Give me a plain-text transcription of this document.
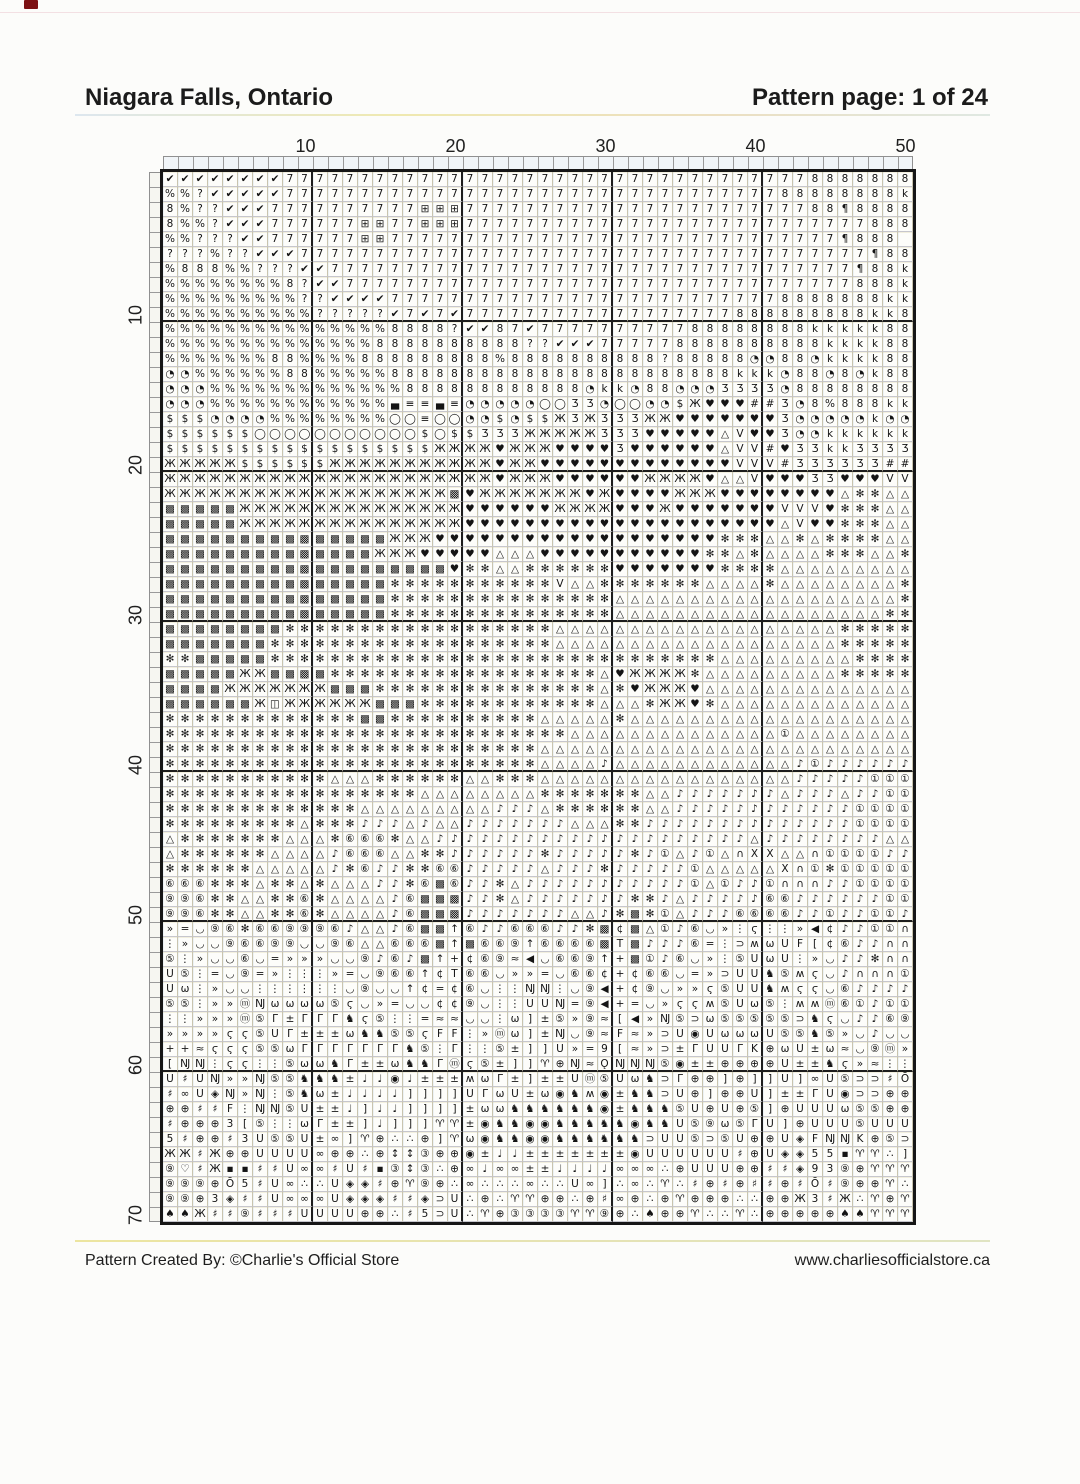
Niagara Falls, Ontario	Pattern page: 1 of 24
10	20	30	40	50
10
20
30
40
50
60
70
✔ ✔ ✔ ✔ ✔ ✔ ✔ ✔ 7 7 7 7 7 7 7 7 7 7 7 7 7 7 7 7 7 7 7 7 7 7 7 7 7 7 7 7 7 7 7 7 7 7 7 8 8 8 8 8 8 8
% % ? ✔ ✔ ✔ ✔ ✔ 7 7 7 7 7 7 7 7 7 7 7 7 7 7 7 7 7 7 7 7 7 7 7 7 7 7 7 7 7 7 7 7 7 8 8 8 8 8 8 8 8 k
8 % ? ? ✔ ✔ ✔ 7 7 7 7 7 7 7 7 7 7 ⊞ ⊞ ⊞ 7 7 7 7 7 7 7 7 7 7 7 7 7 7 7 7 7 7 7 7 7 7 7 8 8 ¶ 8 8 8 8
8 % % ? ✔ ✔ ✔ 7 7 7 7 7 7 ⊞ ⊞ 7 7 ⊞ ⊞ ⊞ 7 7 7 7 7 7 7 7 7 7 7 7 7 7 7 7 7 7 7 7 7 7 7 7 7 7 7 8 8 8
% % ? ? ? ✔ ✔ 7 7 7 7 7 7 ⊞ ⊞ 7 7 7 7 7 7 7 7 7 7 7 7 7 7 7 7 7 7 7 7 7 7 7 7 7 7 7 7 7 7 ¶ 8 8 8
? ? ? % ? ? ✔ ✔ ✔ 7 7 7 7 7 7 7 7 7 7 7 7 7 7 7 7 7 7 7 7 7 7 7 7 7 7 7 7 7 7 7 7 7 7 7 7 7 7 ¶ 8 8
% 8 8 8 % % ? ? ? ✔ ✔ 7 7 7 7 7 7 7 7 7 7 7 7 7 7 7 7 7 7 7 7 7 7 7 7 7 7 7 7 7 7 7 7 7 7 7 ¶ 8 8 k
% % % % % % % % 8 ? ✔ ✔ 7 7 7 7 7 7 7 7 7 7 7 7 7 7 7 7 7 7 7 7 7 7 7 7 7 7 7 7 7 7 7 7 7 7 8 8 8 k
% % % % % % % % % ? ? ✔ ✔ ✔ ✔ 7 7 7 7 7 7 7 7 7 7 7 7 7 7 7 7 7 7 7 7 7 7 7 7 7 7 8 8 8 8 8 8 8 k k
% % % % % % % % % % ? ? ? ? ? ✔ 7 ✔ 7 ✔ 7 7 7 7 7 7 7 7 7 7 7 7 7 7 7 7 7 7 8 8 8 8 8 8 8 8 8 k k 8
% % % % % % % % % % % % % % % 8 8 8 8 ? ✔ ✔ 8 7 ✔ 7 7 7 7 7 7 7 7 7 7 8 8 8 8 8 8 8 8 k k k k k 8 8
% % % % % % % % % % % % % % 8 8 8 8 8 8 8 8 8 8 ? ? ✔ ✔ ✔ 7 7 7 7 7 8 8 8 8 8 8 8 8 8 8 k k k k 8 8
% % % % % % % 8 8 % % % % 8 8 8 8 8 8 8 8 8 % 8 8 8 8 8 8 8 8 8 8 ? 8 8 8 8 8 ◔ ◔ 8 8 ◔ k k k k 8 8
◔ ◔ % % % % % % 8 8 % % % % % 8 8 8 8 8 8 8 8 8 8 8 8 8 8 8 8 8 8 8 8 8 8 8 k k k ◔ 8 8 ◔ 8 ◔ k 8 8
◔ ◔ ◔ % % % % % % % % % % % % % 8 8 8 8 8 8 8 8 8 8 8 8 ◔ k k ◔ 8 8 ◔ ◔ ◔ Ʒ Ʒ Ʒ Ʒ ◔ 8 8 8 8 8 8 8 8
◔ ◔ ◔ % % % % % % % % % % % % ▄ ≡ ≡ ▄ ≡ ◔ ◔ ◔ ◔ ◔ ◯ ◯ Ʒ Ʒ ◔ ◯ ◯ ◔ ◔ $ Ж ♥ ♥ ♥ # # Ʒ ◔ 8 % 8 8 8 k k
$ $ $ ◔ ◔ ◔ ◔ % % % % % % % % ◯ ◯ ≡ ◯ ◯ ◔ ◔ $ ◔ $ $ Ж Ʒ Ж Ʒ Ʒ Ʒ Ж Ж ♥ ♥ ♥ ♥ ♥ ♥ ♥ Ʒ ◔ ◔ ◔ ◔ ◔ k ◔ ◔
$ $ $ $ $ $ ◯ ◯ ◯ ◯ ◯ ◯ ◯ ◯ ◯ ◯ ◯ $ ◯ $ $ Ʒ Ʒ Ʒ Ж Ж Ж Ж Ж Ʒ Ʒ Ʒ ♥ ♥ ♥ ♥ ♥ △ V ♥ ♥ Ʒ ◔ ◔ k k k k k k
$ $ $ $ $ $ $ $ $ $ $ $ $ $ $ $ $ $ Ж Ж Ж Ж ♥ Ж Ж Ж ♥ ♥ ♥ ♥ Ʒ ♥ ♥ ♥ ♥ ♥ ♥ △ V V # ♥ Ʒ Ʒ k k Ʒ Ʒ Ʒ Ʒ
Ж Ж Ж Ж Ж $ $ $ $ $ $ Ж Ж Ж Ж Ж Ж Ж Ж Ж Ж Ж ♥ Ж Ж ♥ ♥ ♥ ♥ ♥ ♥ ♥ ♥ ♥ ♥ ♥ ♥ ♥ V V V # Ʒ Ʒ Ʒ Ʒ Ʒ Ʒ # #
Ж Ж Ж Ж Ж Ж Ж Ж Ж Ж Ж Ж Ж Ж Ж Ж Ж Ж Ж Ж Ж Ж ♥ Ж Ж Ж ♥ ♥ ♥ ♥ ♥ ♥ Ж Ж Ж Ж ♥ △ △ V ♥ ♥ ♥ Ʒ Ʒ ♥ ♥ ♥ V V
Ж Ж Ж Ж Ж Ж Ж Ж Ж Ж Ж Ж Ж Ж Ж Ж Ж Ж Ж ▩ ♥ Ж Ж Ж Ж Ж Ж Ж ♥ Ж ♥ ♥ ♥ ♥ Ж Ж Ж ♥ ♥ ♥ ♥ ♥ ♥ ♥ ♥ △ ✻ ✻ △ △
▩ ▩ ▩ ▩ ▩ Ж Ж Ж Ж Ж Ж Ж Ж Ж Ж Ж Ж Ж Ж Ж ♥ ♥ ♥ ♥ ♥ ♥ Ж Ж Ж Ж ♥ ♥ ♥ Ж ♥ ♥ ♥ ♥ ♥ ♥ ♥ V V V ♥ ✻ ✻ ✻ △ △
▩ ▩ ▩ ▩ ▩ Ж Ж Ж Ж Ж Ж Ж Ж Ж Ж Ж Ж Ж Ж Ж ♥ ♥ ♥ ♥ ♥ ♥ ♥ ♥ ♥ ♥ ♥ ♥ ♥ ♥ ♥ ♥ ♥ ♥ ♥ ♥ ♥ △ V ♥ ♥ ✻ ✻ ✻ △ △
▩ ▩ ▩ ▩ ▩ ▩ ▩ ▩ ▩ ▩ ▩ ▩ ▩ ▩ ▩ Ж Ж Ж ♥ ♥ ♥ ♥ ♥ ♥ ♥ ♥ ♥ ♥ ♥ ♥ ♥ ♥ ♥ ♥ ♥ ♥ ♥ ✻ ✻ ✻ △ △ ✻ △ ✻ ✻ ✻ ✻ △ △
▩ ▩ ▩ ▩ ▩ ▩ ▩ ▩ ▩ ▩ ▩ ▩ ▩ ▩ Ж Ж Ж ♥ ♥ ♥ ♥ ♥ △ △ △ ♥ ♥ ♥ ♥ ♥ ♥ ♥ ♥ ♥ ♥ ♥ ✻ ✻ △ ✻ △ △ △ △ ✻ ✻ ✻ △ △ ✻
▩ ▩ ▩ ▩ ▩ ▩ ▩ ▩ ▩ ▩ ▩ ▩ ▩ ▩ ▩ ▩ ▩ ▩ ▩ ♥ ✻ ✻ △ △ ✻ ✻ ✻ ✻ ✻ ✻ ♥ ♥ ♥ ♥ ♥ ♥ ♥ ✻ ✻ ✻ ✻ △ △ △ △ △ △ △ △ △
▩ ▩ ▩ ▩ ▩ ▩ ▩ ▩ ▩ ▩ ▩ ▩ ▩ ▩ ▩ ✻ ✻ ✻ ✻ ✻ ✻ ✻ ✻ ✻ ✻ ✻ V △ △ ✻ ✻ ✻ ✻ ✻ ✻ ✻ △ △ △ △ ✻ △ △ △ △ △ △ △ △ ✻
▩ ▩ ▩ ▩ ▩ ▩ ▩ ▩ ▩ ▩ ▩ ▩ ▩ ▩ ▩ ✻ ✻ ✻ ✻ ✻ ✻ ✻ ✻ ✻ ✻ ✻ ✻ ✻ ✻ ✻ △ △ △ △ △ △ △ △ △ △ △ △ △ △ △ △ △ △ △ ✻
▩ ▩ ▩ ▩ ▩ ▩ ▩ ▩ ▩ ▩ ▩ ▩ ▩ ▩ ▩ ✻ ✻ ✻ ✻ ✻ ✻ ✻ ✻ ✻ ✻ ✻ ✻ ✻ ✻ ✻ △ △ △ △ △ △ △ △ △ △ △ △ △ △ △ △ △ △ ✻ ✻
▩ ▩ ▩ ▩ ▩ ▩ ▩ ▩ ✻ ✻ ✻ ✻ ✻ ✻ ✻ ✻ ✻ ✻ ✻ ✻ ✻ ✻ ✻ ✻ ✻ ✻ △ △ △ △ △ △ △ △ △ △ △ △ △ △ △ △ △ △ △ ✻ ✻ ✻ ✻ ✻
▩ ▩ ▩ ▩ ▩ ▩ ▩ ✻ ✻ ✻ ✻ ✻ ✻ ✻ ✻ ✻ ✻ ✻ ✻ ✻ ✻ ✻ ✻ ✻ ✻ ✻ △ △ △ △ △ △ △ △ △ △ △ △ △ △ △ △ △ △ △ ✻ ✻ ✻ ✻ ✻
✻ ✻ ▩ ▩ ▩ ▩ ▩ ✻ ✻ ✻ ✻ ✻ ✻ ✻ ✻ ✻ ✻ ✻ ✻ ✻ ✻ ✻ ✻ ✻ ✻ ✻ ✻ ✻ ✻ ✻ ✻ ✻ ✻ ✻ ✻ ✻ ✻ △ △ △ △ △ △ △ △ △ ✻ ✻ ✻ ✻
▩ ▩ ▩ ▩ ▩ Ж Ж ▩ ▩ ▩ ▩ ✻ ✻ ✻ ✻ ✻ ✻ ✻ ✻ ✻ ✻ ✻ ✻ ✻ ✻ ✻ ✻ ✻ ✻ △ ♥ Ж Ж Ж Ж ✻ △ △ △ △ △ △ △ △ △ ✻ ✻ ✻ ✻ ✻
▩ ▩ ▩ ▩ Ж Ж Ж Ж Ж Ж Ж ▩ ▩ ▩ ✻ ✻ ✻ ✻ ✻ ✻ ✻ ✻ ✻ ✻ ✻ ✻ ✻ ✻ ✻ △ ✻ ♥ Ж Ж Ж ♥ △ △ △ △ △ △ △ △ △ △ △ △ △ △
▩ ▩ ▩ ▩ ▩ ▩ Ж ◫ Ж Ж Ж Ж Ж Ж ▩ ▩ ▩ ✻ ✻ ✻ ✻ ✻ ✻ ✻ ✻ ✻ ✻ ✻ ✻ △ △ △ ✻ Ж Ж ♥ ✻ △ △ △ △ △ △ △ △ △ △ △ △ △
✻ ✻ ✻ ✻ ✻ ✻ ✻ ✻ ✻ ✻ ✻ ✻ ✻ ▩ ▩ ✻ ✻ ✻ ✻ ✻ ✻ ✻ ✻ ✻ ✻ △ △ △ △ △ ✻ △ △ △ △ △ △ △ △ △ △ △ △ △ △ △ △ △ △ △
✻ ✻ ✻ ✻ ✻ ✻ ✻ ✻ ✻ ✻ ✻ ✻ ✻ ✻ ✻ ✻ ✻ ✻ ✻ ✻ ✻ ✻ ✻ ✻ ✻ ✻ ✻ △ △ △ △ △ △ △ △ △ △ △ △ △ △ ① △ △ △ △ △ △ △ △
✻ ✻ ✻ ✻ ✻ ✻ ✻ ✻ ✻ ✻ ✻ ✻ ✻ ✻ ✻ ✻ ✻ ✻ ✻ ✻ ✻ ✻ ✻ ✻ ✻ △ △ △ △ △ △ △ △ △ △ △ △ △ △ △ △ △ △ △ △ △ △ △ △ △
✻ ✻ ✻ ✻ ✻ ✻ ✻ ✻ ✻ ✻ ✻ ✻ ✻ ✻ ✻ ✻ ✻ ✻ ✻ ✻ ✻ ✻ ✻ ✻ ✻ △ △ △ △ ♪ △ △ △ △ △ △ △ △ △ △ △ △ ♪ ① ♪ ♪ ♪ ♪ ♪ ♪
✻ ✻ ✻ ✻ ✻ ✻ ✻ ✻ ✻ ✻ ✻ △ △ △ ✻ ✻ ✻ ✻ ✻ ✻ △ △ ✻ ✻ ✻ △ △ △ △ △ △ △ △ △ △ △ △ △ △ △ △ △ ♪ ♪ ♪ ♪ ♪ ① ① ①
✻ ✻ ✻ ✻ ✻ ✻ ✻ ✻ ✻ ✻ ✻ ✻ ✻ ✻ ✻ ✻ ✻ △ △ △ △ △ △ △ △ ✻ ✻ ✻ ✻ ✻ ✻ ✻ △ △ ♪ ♪ ♪ ♪ ♪ ♪ ♪ △ ♪ ♪ ♪ △ ♪ ♪ ① ①
✻ ✻ ✻ ✻ ✻ ✻ ✻ ✻ ✻ ✻ ✻ ✻ ✻ △ △ △ △ △ △ △ △ △ ♪ ♪ ♪ △ ✻ ✻ ✻ ✻ ✻ ✻ △ △ ♪ ♪ ♪ ♪ ♪ ♪ ♪ ♪ ♪ ♪ ♪ ♪ ① ① ① ①
✻ ✻ ✻ ✻ ✻ ✻ ✻ ✻ ✻ △ ✻ ✻ ✻ ♪ ♪ ♪ △ ♪ △ △ ♪ ♪ ♪ ♪ ♪ ♪ ♪ △ △ △ ✻ ✻ ♪ ♪ ♪ ♪ ♪ ♪ ♪ ♪ ♪ ♪ ♪ ♪ ♪ ♪ ① ① ① ①
△ ✻ ✻ ✻ ✻ ✻ ✻ ✻ △ △ △ ✻ ⑥ ⑥ ⑥ ✻ △ △ ♪ ♪ ♪ ♪ ♪ ♪ ♪ ♪ ♪ ♪ ♪ ♪ ♪ ♪ ♪ ♪ ♪ ♪ ♪ ♪ ♪ △ ♪ ♪ ♪ ♪ ♪ ♪ ♪ ♪ △ △
△ ✻ ✻ ✻ ✻ ✻ ✻ △ △ △ △ ♪ ⑥ ⑥ ⑥ △ △ ✻ ✻ ♪ ♪ ♪ ♪ ♪ ♪ ✻ ♪ ♪ ♪ ♪ ♪ ✻ ♪ ① △ ♪ ① △ ∩ X X △ △ ∩ ① ① ① ① ♪ ♪
✻ ✻ ✻ ✻ ✻ ✻ △ △ △ △ △ ♪ ✻ ⑥ ♪ ♪ ✻ ✻ ⑥ ⑥ ♪ ♪ ♪ ♪ ♪ △ ♪ ♪ ♪ ✻ ♪ ♪ ♪ ♪ ♪ ① △ △ △ △ △ X ∩ ① ✻ ① ① ① ① ①
⑥ ⑥ ⑥ ✻ ✻ ✻ △ ✻ ✻ △ ✻ △ △ △ ♪ ♪ ✻ ⑥ ▩ ⑥ ♪ ♪ ✻ △ ♪ ♪ ♪ ♪ ♪ ♪ ♪ ♪ ♪ ♪ ♪ ① △ ① ♪ ♪ ① ∩ ∩ ∩ ♪ ♪ ① ① ① ①
⑨ ⑨ ⑥ ✻ ✻ △ △ ✻ ✻ ⑥ ✻ △ △ △ △ ♪ ⑥ ▩ ▩ ▩ ♪ ♪ ✻ △ ♪ ♪ ♪ ♪ ♪ ♪ ♪ ✻ ✻ ♪ △ ♪ ♪ ♪ ♪ ♪ ⑥ ⑥ ♪ ♪ ♪ ♪ ♪ ♪ ① ①
⑨ ⑨ ⑥ ✻ ✻ △ △ ✻ ✻ ⑥ ✻ △ △ △ △ ♪ ⑥ ▩ ▩ ▩ ♪ ♪ ♪ ♪ ♪ ♪ ♪ △ △ ♪ ✻ ▩ ✻ ① △ ♪ ♪ ♪ ⑥ ⑥ ⑥ ⑥ ♪ ♪ ① ♪ ♪ ① ① ♪
» = ◡ ⑨ ⑥ ✻ ⑥ ⑥ ⑨ ⑨ ⑨ ⑥ ♪ △ △ ♪ ⑥ ▩ ▩ ↑ ⑥ ♪ ♪ ⑥ ⑥ ⑥ ♪ ♪ ✻ ▩ ¢ ▩ △ ① ♪ ⑥ ◡ » ⋮ ϛ ⋮ ⋮ » ◀ ¢ ♪ ♪ ① ① ∩
⋮ » ◡ ◡ ⑨ ⑥ ⑥ ⑨ ⑨ ◡ ◡ ⑨ ⑥ △ △ ⑥ ⑥ ⑥ ▩ ↑ ▩ ⑥ ⑥ ⑨ ↑ ⑥ ⑥ ⑥ ⑥ ▩ T ▩ ♪ ♪ ♪ ⑥ = ⋮ ⊃ ʍ ω U F [ ¢ ⑥ ♪ ♪ ∩ ∩
⑤ ⋮ » ◡ ◡ ⑥ ◡ = » » » ◡ ◡ ⑨ ♪ ⑥ ♪ ▩ ↑ + ¢ ⑥ ⑨ ≈ ◀ ◡ ⑥ ⑥ ⑨ ↑ + ▩ ① ♪ ⑥ ◡ » ⋮ ⑤ U ω U ⋮ » ◡ ♪ ♪ ✻ ∩ ∩
U ⑤ ⋮ = ◡ ⑨ = » ⋮ ⋮ ⋮ » = ◡ ⑨ ⑥ ⑥ ↑ ¢ T ⑥ ⑥ ◡ » » = ◡ ⑥ ⑥ ¢ + ¢ ⑥ ⑥ ◡ = » ⊃ U U ♞ ⑤ ʍ ϛ ◡ ♪ ∩ ∩ ∩ ①
U ω ⋮ » ◡ ◡ ⋮ ⋮ ⋮ ⋮ ⋮ ⋮ ◡ ⑨ ◡ ◡ ↑ ¢ = ¢ ⑥ ◡ ⋮ ⋮ Ǌ Ǌ ⋮ ◡ ⑨ ◀ + ¢ ⑨ ◡ » » ϛ ⑤ U U ♞ ʍ ϛ ϛ ◡ ⑥ ♪ ♪ ♪ ♪
⑤ ⑤ ⋮ » » ⓜ Ǌ ω ω ω ω ⑤ ϛ ◡ » = ◡ ◡ ¢ ¢ ⑨ ◡ ⋮ ⋮ U U Ǌ = ⑨ ◀ + = ◡ » ϛ ϛ ʍ ⑤ U ω ⑤ ⋮ ʍ ʍ ⓜ ⑥ ① ♪ ① ①
⋮ ⋮ » » » ⓜ ⑤ Γ ± Γ Γ Γ ♞ ϛ ⑤ ⋮ ⋮ = ≈ ≈ ◡ ◡ ⋮ ω ] ± ⑤ » ⑨ ≈ [ ◀ » Ǌ ⑤ ⊃ ω ⑤ ⑤ ⑤ ⑤ ⑤ ⊃ ♞ ϛ ◡ ♪ ♪ ⑥ ⑨
» » » » ϛ ϛ ⑤ U Γ ± ± ± ω ♞ ♞ ⑤ ⑤ ϛ F F ⋮ » ⓜ ω ] ± Ǌ ◡ ⑨ ≈ F ≈ » ⊃ U ◉ U ω ω ω U ⑤ ⑤ ♞ ⑤ » ◡ ♪ ◡ ◡
+ + ≈ ϛ ϛ ϛ ⑤ ⑤ ω Γ Γ Γ Γ Γ Γ Γ ♞ ⑤ ⋮ Γ ⋮ ⋮ ⑤ ± ]	] U » = 9 [ ≈ » ⊃ ± Γ U U Γ K ⊕ ω U ± ω ≈ ◡ ⑨ ⓜ »
[ Ǌ Ǌ ⋮ ϛ ϛ ⋮ ⋮ ⑤ ω ω ♞ Γ ± ± ω ♞ ♞ Γ ⓜ ϛ ⑤ ± ]	] ♈ ⊕ Ǌ ≈ Ǫ Ǌ Ǌ Ǌ ⑤ ◉ ± ± ⊕ ⊕ ⊕ ⊕ U ± ± ♞ ϛ » ≈ ⋮ ⋮
U ♯ U Ǌ » » Ǌ ⑤ ⑤ ♞ ♞ ♞ ± ♩ ♩ ◉ ♩ ± ± ± ʍ ω Γ ± ] ± ± U ⓜ ⑤ U ω ♞ ⊃ Γ ⊕ ⊕ ] ⊕ ]	] U ] ∞ U ⑤ ⊃ ⊃ ♯ Ō
♯ ∞ U ◈ Ǌ » Ǌ ⋮ ⑤ ♞ ω ± ♩ ♩ ♩ ♩ ]	]	] ] U Γ ω U ± ω ◉ ♞ ʍ ◉ ± ♞ ♞ ⊃ U ⊕ ] ⊕ ⊕ U ] ± ± Γ U ◉ ⊃ ⊃ ⊕ ⊕
⊕ ⊕ ♯ ♯ F ⋮ Ǌ Ǌ ⑤ U ± ± ♩ ] ♩ ♩ ]	]	] ] ± ω ω ♞ ♞ ♞ ♞ ♞ ♞ ◉ ± ♞ ♞ ♞ ⑤ U ⊕ U ⊕ ⑤ ] ⊕ U U U ω ⑤ ⑤ ⊕ ⊕
♯ ⊕ ⊕ ⊕ 3 [ ⑤ ⋮ ⋮ ω Γ ± ± ] ♩ ]	]	] ♈ ♈ ± ◉ ♞ ♞ ◉ ◉ ♞ ♞ ♞ ♞ ♞ ◉ ♞ ♞ U ⑤ ⑨ ω ⑤ Γ U ] ⊕ U U U ⑤ U U U
5 ♯ ⊕ ⊕ ♯ 3 U ⑤ ⑤ U ± ∞ ] ♈ ⊕ ∴ ∴ ⊕ ] ♈ ω ◉ ♞ ♞ ◉ ◉ ♞ ♞ ♞ ♞ ♞ ♞ ⊃ U U ⑤ ⊃ ⑤ U ⊕ ⊕ U ◈ F Ǌ Ǌ K ⊕ ⑤ ⊃
Ж Ж ♯ Ж ⊕ ⊕ U U U U ∞ ⊕ ⊕ ∴ ⊕ ↕ ↕ ③ ⊕ ⊕ ◉ ± ♩ ♩ ± ± ± ± ± ± ± ◉ U U U U U U ♯ ⊕ U ◈ ◈ 5 5 ▪ ♈ ♈ ∴ ]
⑨ ♡ ♯ Ж ▪ ▪ ♯ ♯ U ∞ ∞ ♯ U ♯ ▪ ③ ↕ ③ ∴ ⊕ ∞ ♩ ∞ ∞ ± ± ♩ ♩ ♩ ♩ ∞ ∞ ∞ ∴ ⊕ U U U ⊕ ⊕ ♯ ♯ ◈ 9 3 ⑨ ⊕ ♈ ♈ ♈
⑨ ⑨ ⑨ ⊕ Ō 5 ♯ U ∞ ∴ ∴ U ◈ ◈ ♯ ⊕ ♈ ⑨ ⊕ ∴ ∞ ∴ ∴ ∴ ∞ ∴ ∴ U ∞ ] ∴ ∞ ∴ ♈ ∴ ♯ ⊕ ♯ ⊕ ♯ ♯ ⊕ ♯ Ō ♯ ⑨ ⊕ ⊕ ♈ ∴
⑨ ⑨ ⊕ 3 ◈ ♯ ♯ U ∞ ∞ ∞ U ◈ ◈ ◈ ♯ ♯ ◈ ⊃ U ∴ ⊕ ∴ ♈ ♈ ⊕ ⊕ ∴ ⊕ ♯ ∞ ⊕ ∴ ⊕ ♈ ⊕ ⊕ ⊕ ∴ ∴ ⊕ ⊕ Ж 3 ♯ Ж ∴ ♈ ⊕ ♈
♠ ♠ Ж ♯ ♯ ⑨ ♯ ♯ ♯ U U U U ⊕ ⊕ ∴ ♯ 5 ⊃ U ∴ ♈ ⊕ ③ ③ ③ ③ ♈ ♈ ⑨ ⊕ ∴ ♠ ⊕ ⊕ ♈ ∴ ∴ ♈ ∴ ⊕ ⊕ ⊕ ⊕ ⊕ ♠ ♠ ♈ ♈ ♈
Pattern Created By: ©Charlie's Official Store	www.charliesofficialstore.ca
